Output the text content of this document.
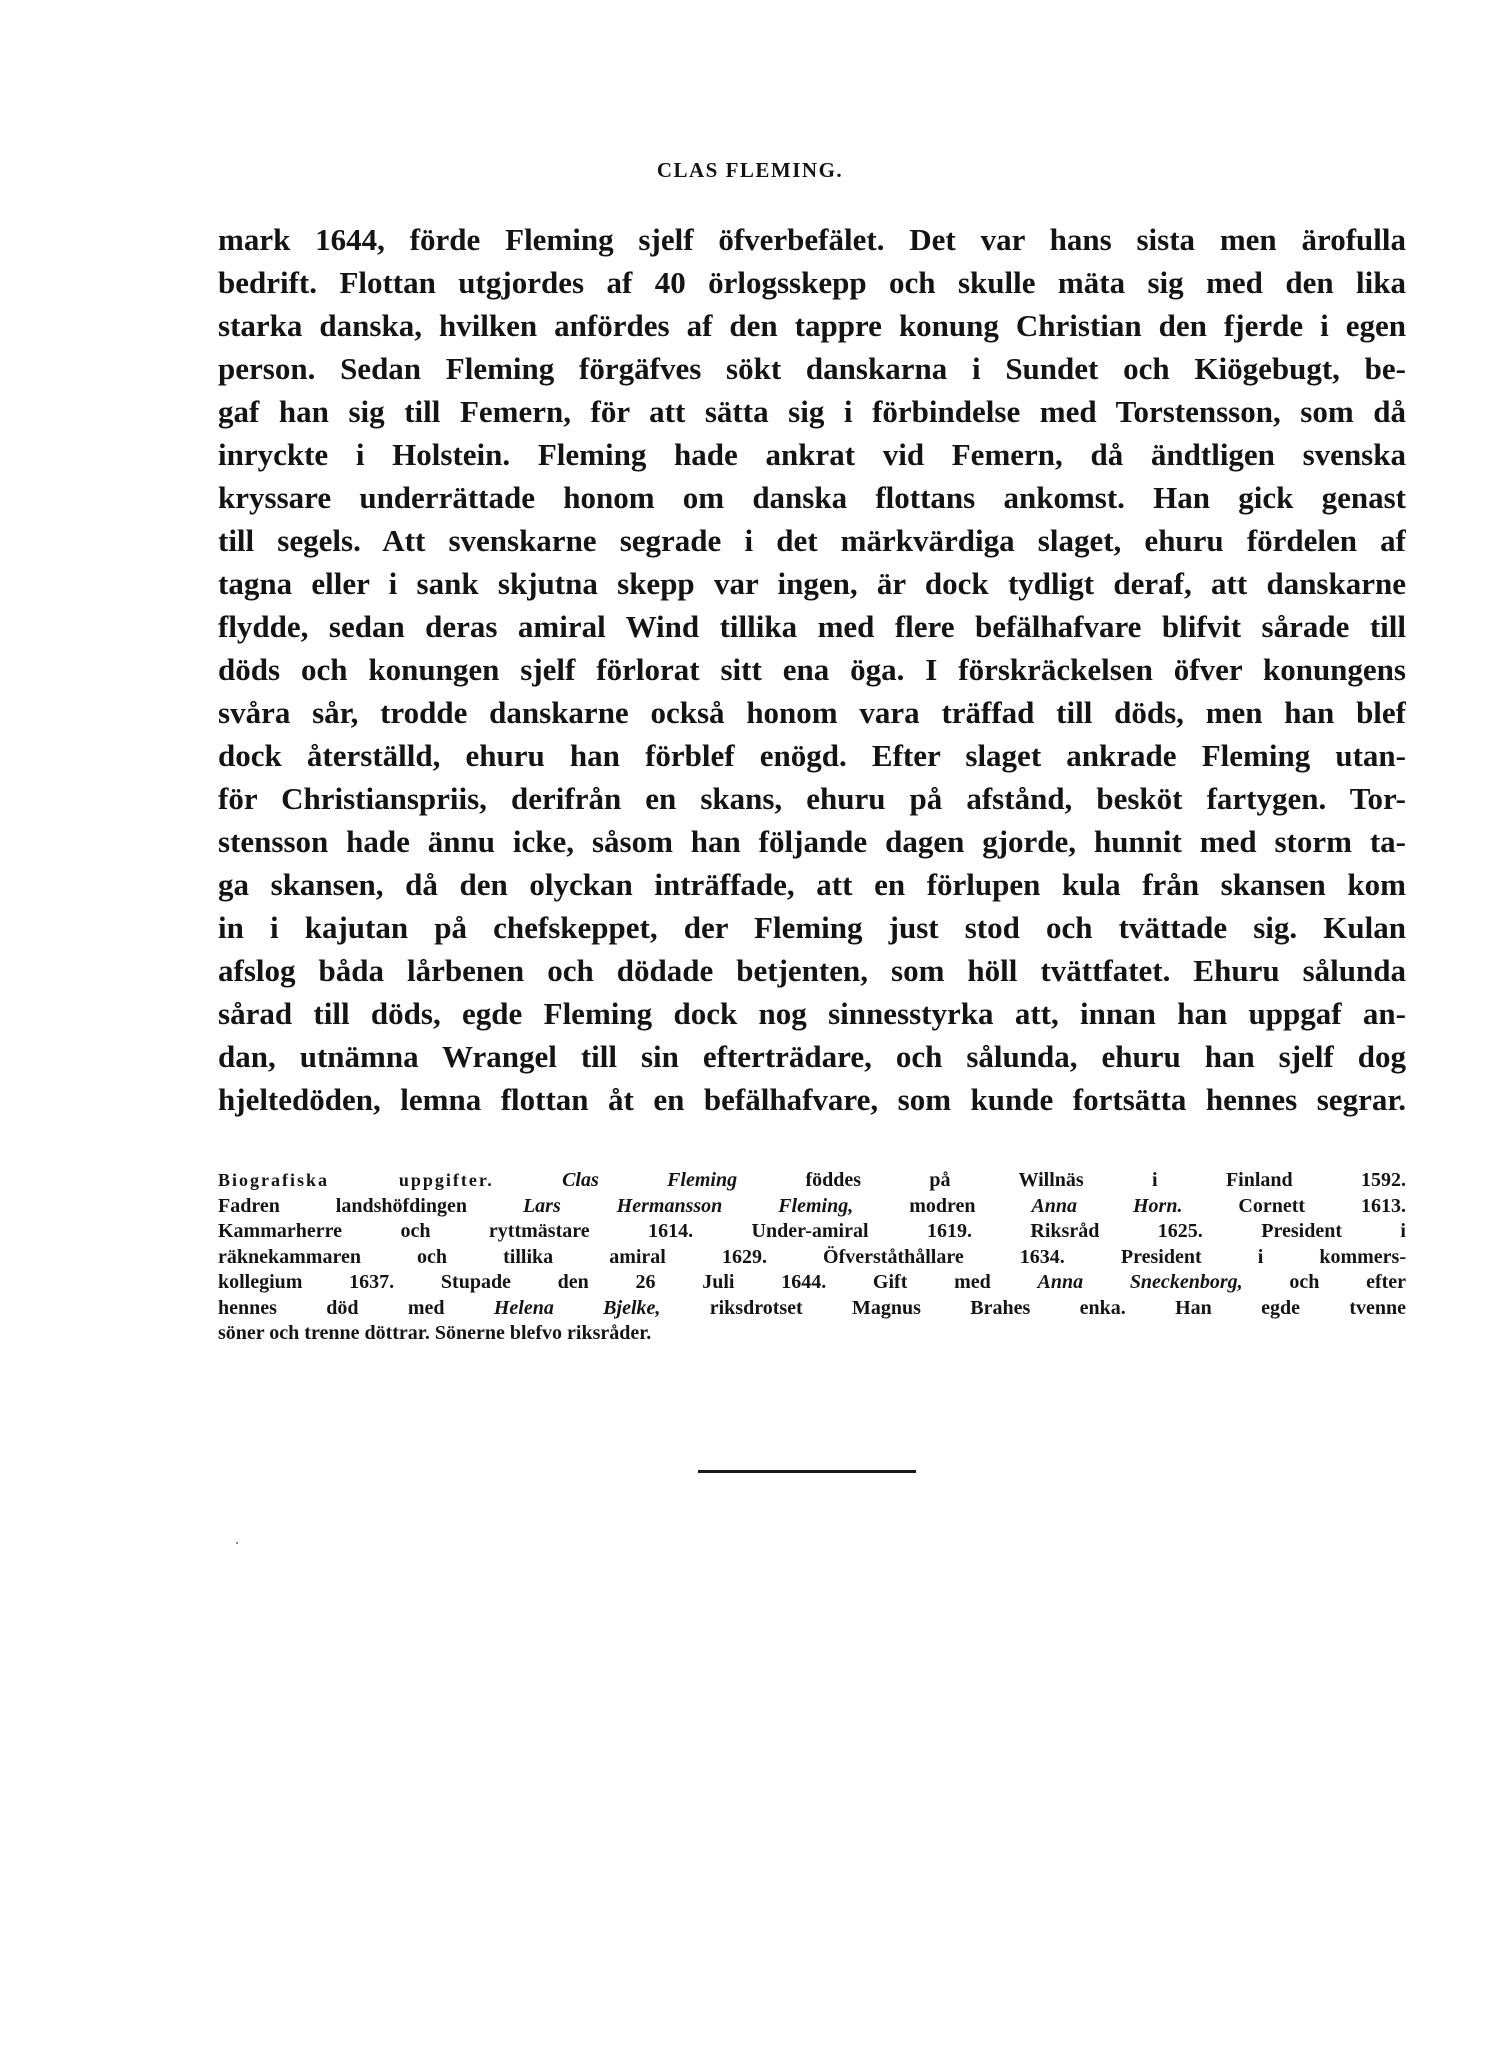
CLAS FLEMING.
mark 1644, förde Fleming sjelf öfverbefälet. Det var hans sista men ärofulla
bedrift. Flottan utgjordes af 40 örlogsskepp och skulle mäta sig med den lika
starka danska, hvilken anfördes af den tappre konung Christian den fjerde i egen
person. Sedan Fleming förgäfves sökt danskarna i Sundet och Kiögebugt, be-
gaf han sig till Femern, för att sätta sig i förbindelse med Torstensson, som då
inryckte i Holstein. Fleming hade ankrat vid Femern, då ändtligen svenska
kryssare underrättade honom om danska flottans ankomst. Han gick genast
till segels. Att svenskarne segrade i det märkvärdiga slaget, ehuru fördelen af
tagna eller i sank skjutna skepp var ingen, är dock tydligt deraf, att danskarne
flydde, sedan deras amiral Wind tillika med flere befälhafvare blifvit sårade till
döds och konungen sjelf förlorat sitt ena öga. I förskräckelsen öfver konungens
svåra sår, trodde danskarne också honom vara träffad till döds, men han blef
dock återställd, ehuru han förblef enögd. Efter slaget ankrade Fleming utan-
för Christianspriis, derifrån en skans, ehuru på afstånd, besköt fartygen. Tor-
stensson hade ännu icke, såsom han följande dagen gjorde, hunnit med storm ta-
ga skansen, då den olyckan inträffade, att en förlupen kula från skansen kom
in i kajutan på chefskeppet, der Fleming just stod och tvättade sig. Kulan
afslog båda lårbenen och dödade betjenten, som höll tvättfatet. Ehuru sålunda
sårad till döds, egde Fleming dock nog sinnesstyrka att, innan han uppgaf an-
dan, utnämna Wrangel till sin efterträdare, och sålunda, ehuru han sjelf dog
hjeltedöden, lemna flottan åt en befälhafvare, som kunde fortsätta hennes segrar.
Biografiska uppgifter.	Clas Fleming	föddes på Willnäs i Finland 1592.
Fadren landshöfdingen	Lars Hermansson Fleming,	modren	Anna Horn.	Cornett 1613.
Kammarherre och ryttmästare 1614. Under-amiral 1619. Riksråd 1625. President i
räknekammaren och tillika amiral 1629. Öfverståthållare 1634. President i kommers-
kollegium 1637. Stupade den 26 Juli 1644. Gift med Anna Sneckenborg, och efter
hennes död med Helena Bjelke, riksdrotset Magnus Brahes enka. Han egde tvenne
söner och trenne döttrar. Sönerne blefvo riksråder.
